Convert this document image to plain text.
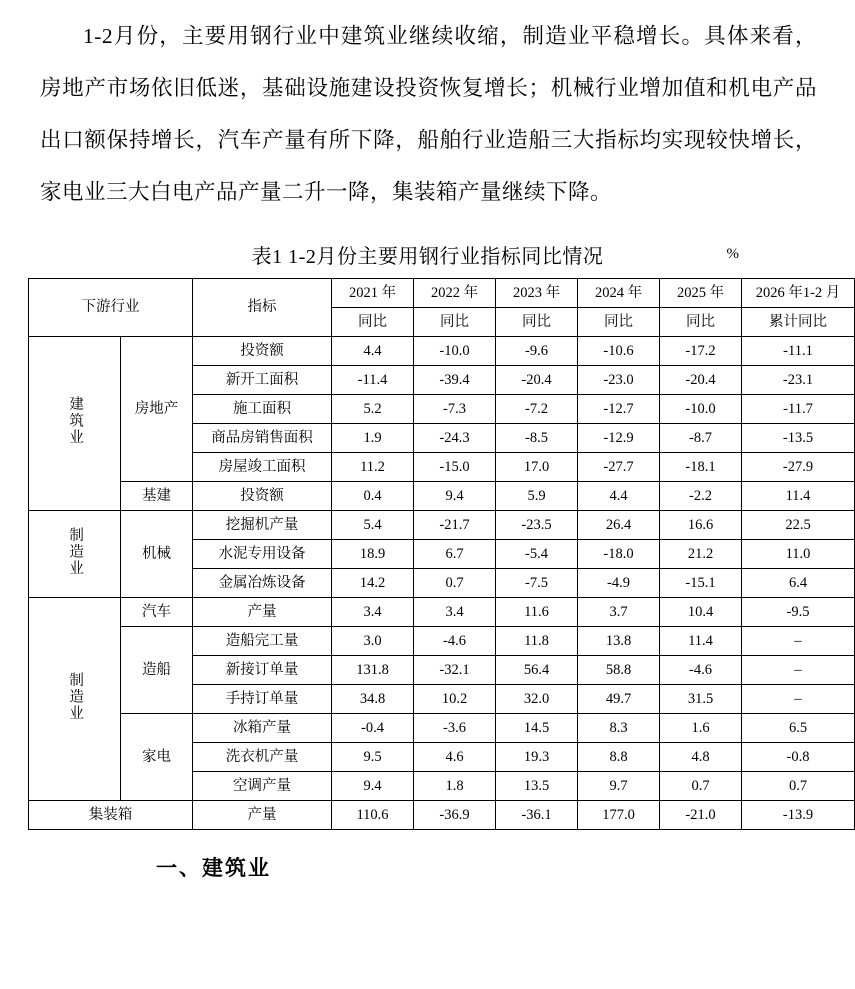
1-2月份，主要用钢行业中建筑业继续收缩，制造业平稳增长。具体来看，房地产市场依旧低迷，基础设施建设投资恢复增长；机械行业增加值和机电产品出口额保持增长，汽车产量有所下降，船舶行业造船三大指标均实现较快增长，家电业三大白电产品产量二升一降，集装箱产量继续下降。

表1 1-2月份主要用钢行业指标同比情况	%
下游行业		指标	2021 年	2022 年	2023 年	2024 年	2025 年	2026 年1-2 月
			同比	同比	同比	同比	同比	累计同比
建筑业	房地产	投资额	4.4	-10.0	-9.6	-10.6	-17.2	-11.1
		新开工面积	-11.4	-39.4	-20.4	-23.0	-20.4	-23.1
		施工面积	5.2	-7.3	-7.2	-12.7	-10.0	-11.7
		商品房销售面积	1.9	-24.3	-8.5	-12.9	-8.7	-13.5
		房屋竣工面积	11.2	-15.0	17.0	-27.7	-18.1	-27.9
	基建	投资额	0.4	9.4	5.9	4.4	-2.2	11.4
制造业	机械	挖掘机产量	5.4	-21.7	-23.5	26.4	16.6	22.5
		水泥专用设备	18.9	6.7	-5.4	-18.0	21.2	11.0
		金属冶炼设备	14.2	0.7	-7.5	-4.9	-15.1	6.4
制造业	汽车	产量	3.4	3.4	11.6	3.7	10.4	-9.5
	造船	造船完工量	3.0	-4.6	11.8	13.8	11.4	–
		新接订单量	131.8	-32.1	56.4	58.8	-4.6	–
		手持订单量	34.8	10.2	32.0	49.7	31.5	–
	家电	冰箱产量	-0.4	-3.6	14.5	8.3	1.6	6.5
		洗衣机产量	9.5	4.6	19.3	8.8	4.8	-0.8
		空调产量	9.4	1.8	13.5	9.7	0.7	0.7
集装箱		产量	110.6	-36.9	-36.1	177.0	-21.0	-13.9
一、建筑业
